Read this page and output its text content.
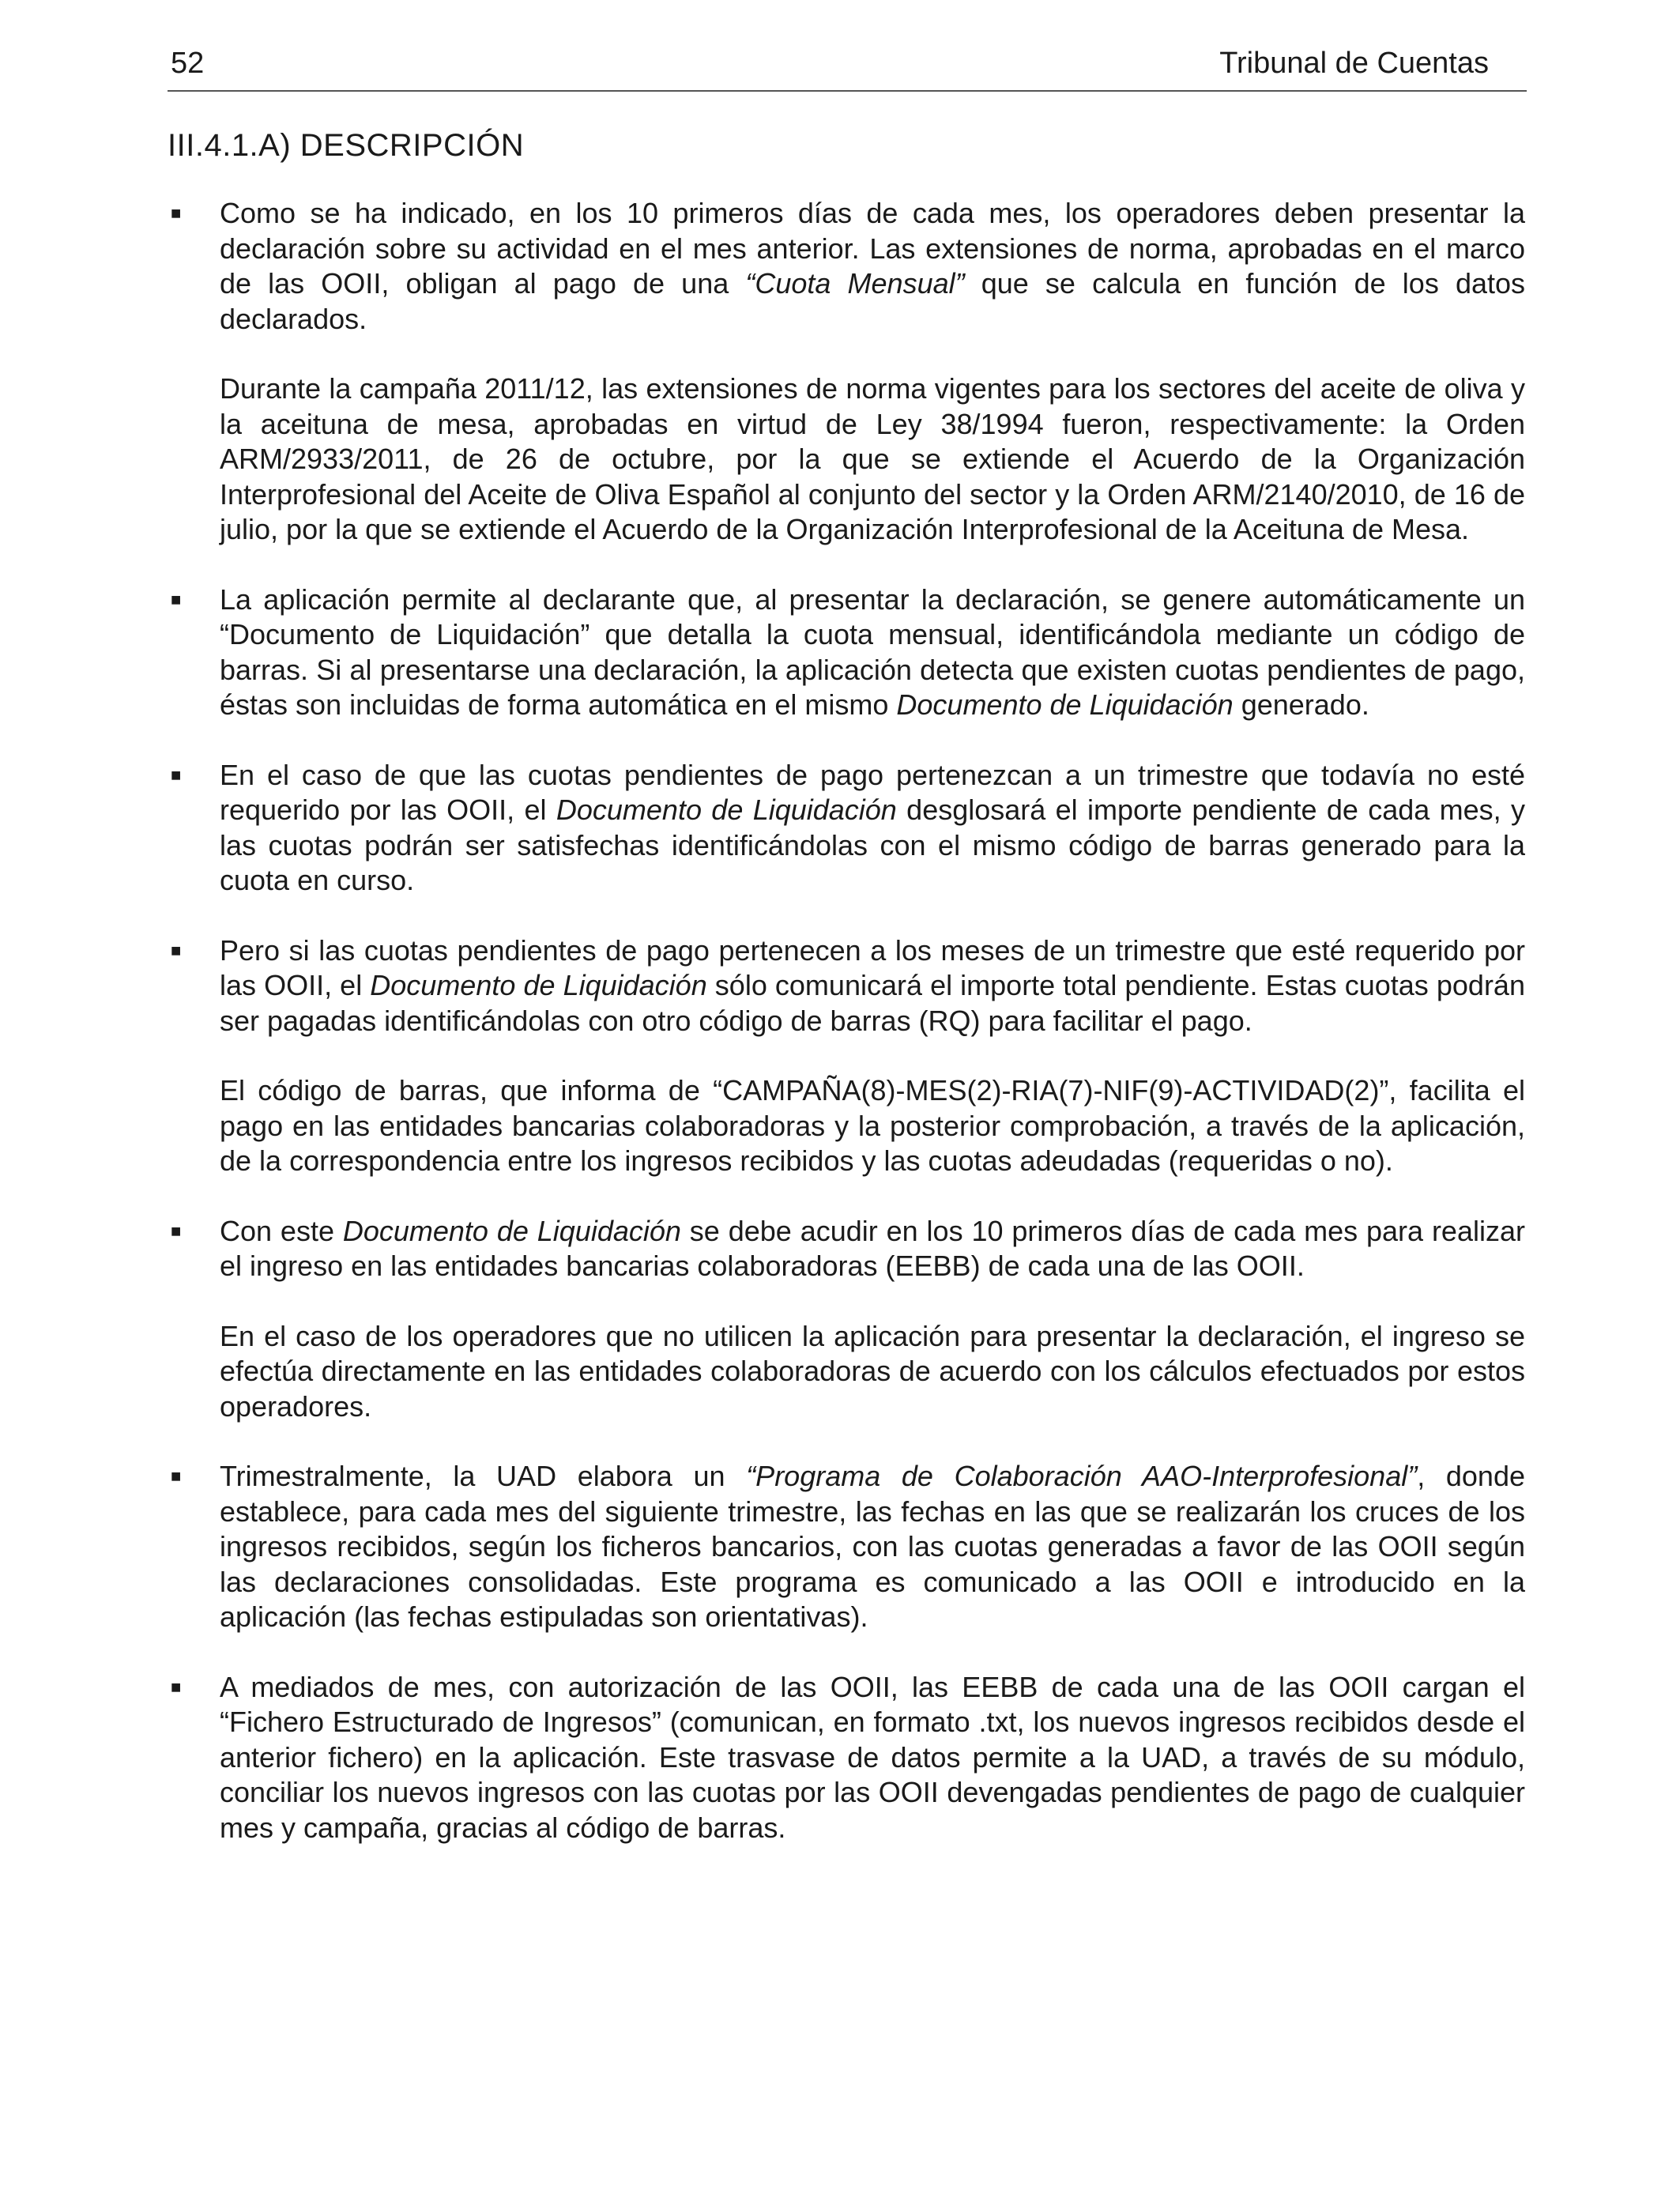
52	Tribunal de Cuentas
III.4.1.A) DESCRIPCIÓN
■ Como se ha indicado, en los 10 primeros días de cada mes, los operadores deben presentar la declaración sobre su actividad en el mes anterior. Las extensiones de norma, aprobadas en el marco de las OOII, obligan al pago de una “Cuota Mensual” que se calcula en función de los datos declarados.

Durante la campaña 2011/12, las extensiones de norma vigentes para los sectores del aceite de oliva y la aceituna de mesa, aprobadas en virtud de Ley 38/1994 fueron, respectivamente: la Orden ARM/2933/2011, de 26 de octubre, por la que se extiende el Acuerdo de la Organización Interprofesional del Aceite de Oliva Español al conjunto del sector y la Orden ARM/2140/2010, de 16 de julio, por la que se extiende el Acuerdo de la Organización Interprofesional de la Aceituna de Mesa.

■ La aplicación permite al declarante que, al presentar la declaración, se genere automáticamente un “Documento de Liquidación” que detalla la cuota mensual, identificándola mediante un código de barras. Si al presentarse una declaración, la aplicación detecta que existen cuotas pendientes de pago, éstas son incluidas de forma automática en el mismo Documento de Liquidación generado.

■ En el caso de que las cuotas pendientes de pago pertenezcan a un trimestre que todavía no esté requerido por las OOII, el Documento de Liquidación desglosará el importe pendiente de cada mes, y las cuotas podrán ser satisfechas identificándolas con el mismo código de barras generado para la cuota en curso.

■ Pero si las cuotas pendientes de pago pertenecen a los meses de un trimestre que esté requerido por las OOII, el Documento de Liquidación sólo comunicará el importe total pendiente. Estas cuotas podrán ser pagadas identificándolas con otro código de barras (RQ) para facilitar el pago.

El código de barras, que informa de “CAMPAÑA(8)-MES(2)-RIA(7)-NIF(9)-ACTIVIDAD(2)”, facilita el pago en las entidades bancarias colaboradoras y la posterior comprobación, a través de la aplicación, de la correspondencia entre los ingresos recibidos y las cuotas adeudadas (requeridas o no).

■ Con este Documento de Liquidación se debe acudir en los 10 primeros días de cada mes para realizar el ingreso en las entidades bancarias colaboradoras (EEBB) de cada una de las OOII.

En el caso de los operadores que no utilicen la aplicación para presentar la declaración, el ingreso se efectúa directamente en las entidades colaboradoras de acuerdo con los cálculos efectuados por estos operadores.

■ Trimestralmente, la UAD elabora un “Programa de Colaboración AAO-Interprofesional”, donde establece, para cada mes del siguiente trimestre, las fechas en las que se realizarán los cruces de los ingresos recibidos, según los ficheros bancarios, con las cuotas generadas a favor de las OOII según las declaraciones consolidadas. Este programa es comunicado a las OOII e introducido en la aplicación (las fechas estipuladas son orientativas).

■ A mediados de mes, con autorización de las OOII, las EEBB de cada una de las OOII cargan el “Fichero Estructurado de Ingresos” (comunican, en formato .txt, los nuevos ingresos recibidos desde el anterior fichero) en la aplicación. Este trasvase de datos permite a la UAD, a través de su módulo, conciliar los nuevos ingresos con las cuotas por las OOII devengadas pendientes de pago de cualquier mes y campaña, gracias al código de barras.
